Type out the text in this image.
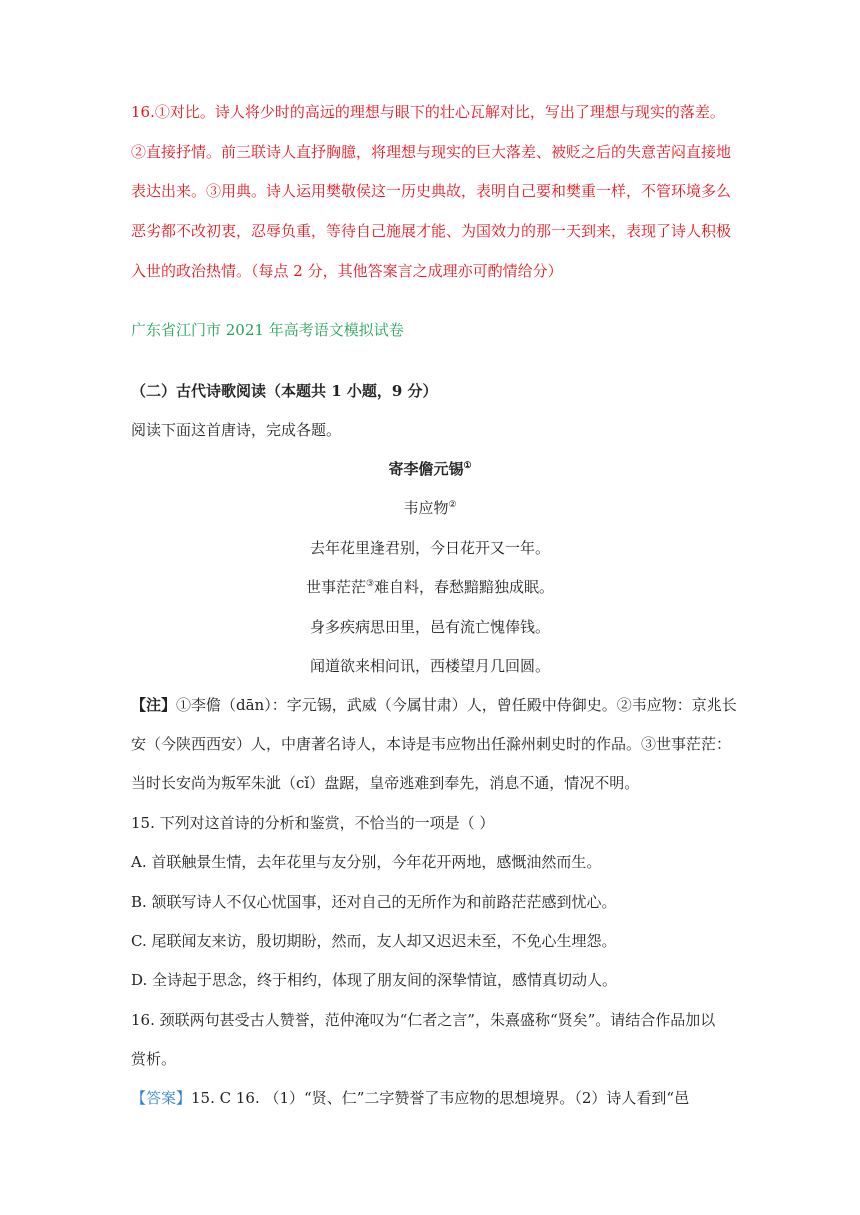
16.①对比。诗人将少时的高远的理想与眼下的壮心瓦解对比，写出了理想与现实的落差。
②直接抒情。前三联诗人直抒胸臆，将理想与现实的巨大落差、被贬之后的失意苦闷直接地
表达出来。③用典。诗人运用樊敬侯这一历史典故，表明自己要和樊重一样，不管环境多么
恶劣都不改初衷，忍辱负重，等待自己施展才能、为国效力的那一天到来，表现了诗人积极
入世的政治热情。（每点 2 分，其他答案言之成理亦可酌情给分）
广东省江门市 2021 年高考语文模拟试卷
（二）古代诗歌阅读（本题共 1 小题，9 分）
阅读下面这首唐诗，完成各题。
寄李儋元锡①
韦应物②
去年花里逢君别，今日花开又一年。
世事茫茫③难自料，春愁黯黯独成眠。
身多疾病思田里，邑有流亡愧俸钱。
闻道欲来相问讯，西楼望月几回圆。
【注】①李儋（dān）：字元锡，武威（今属甘肃）人，曾任殿中侍御史。②韦应物：京兆长
安（今陕西西安）人，中唐著名诗人，本诗是韦应物出任滁州刺史时的作品。③世事茫茫：
当时长安尚为叛军朱泚（cǐ）盘踞，皇帝逃难到奉先，消息不通，情况不明。
15. 下列对这首诗的分析和鉴赏，不恰当的一项是（ ）
A. 首联触景生情，去年花里与友分别，今年花开两地，感慨油然而生。
B. 颔联写诗人不仅心忧国事，还对自己的无所作为和前路茫茫感到忧心。
C. 尾联闻友来访，殷切期盼，然而，友人却又迟迟未至，不免心生埋怨。
D. 全诗起于思念，终于相约，体现了朋友间的深挚情谊，感情真切动人。
16. 颈联两句甚受古人赞誉，范仲淹叹为“仁者之言”，朱熹盛称“贤矣”。请结合作品加以
赏析。
【答案】15. C 16. （1）“贤、仁”二字赞誉了韦应物的思想境界。（2）诗人看到“邑
